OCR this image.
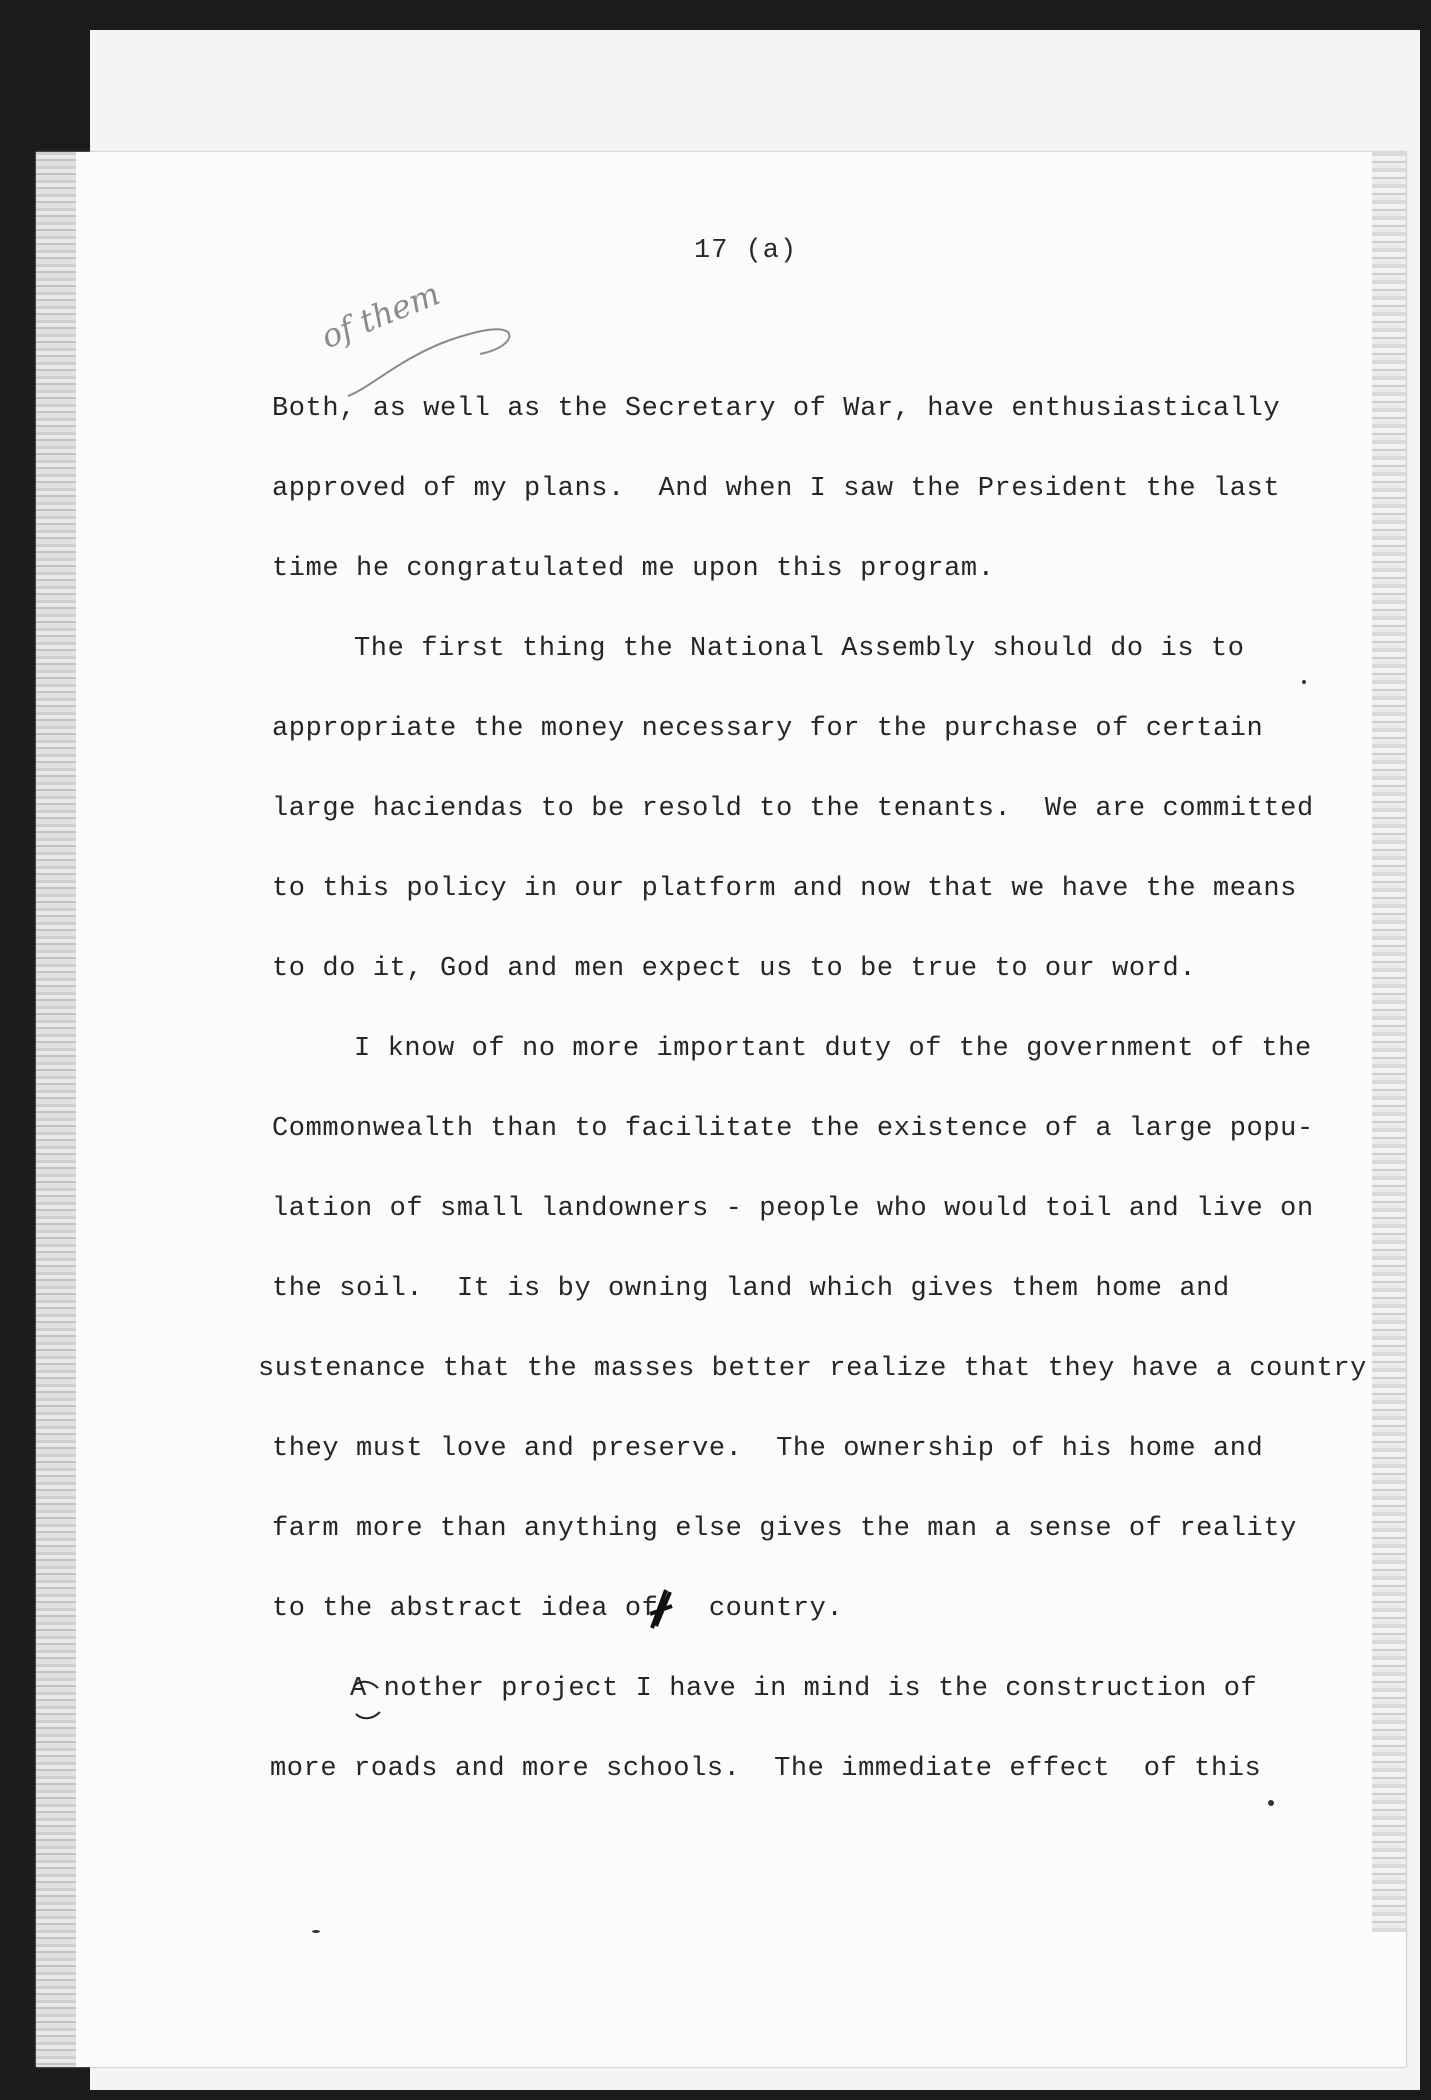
17 (a)
of them
Both, as well as the Secretary of War, have enthusiastically
approved of my plans.  And when I saw the President the last
time he congratulated me upon this program.
The first thing the National Assembly should do is to
appropriate the money necessary for the purchase of certain
large haciendas to be resold to the tenants.  We are committed
to this policy in our platform and now that we have the means
to do it, God and men expect us to be true to our word.
I know of no more important duty of the government of the
Commonwealth than to facilitate the existence of a large popu-
lation of small landowners - people who would toil and live on
the soil.  It is by owning land which gives them home and
sustenance that the masses better realize that they have a country
they must love and preserve.  The ownership of his home and
farm more than anything else gives the man a sense of reality
to the abstract idea of   country.
A nother project I have in mind is the construction of
more roads and more schools.  The immediate effect  of this
